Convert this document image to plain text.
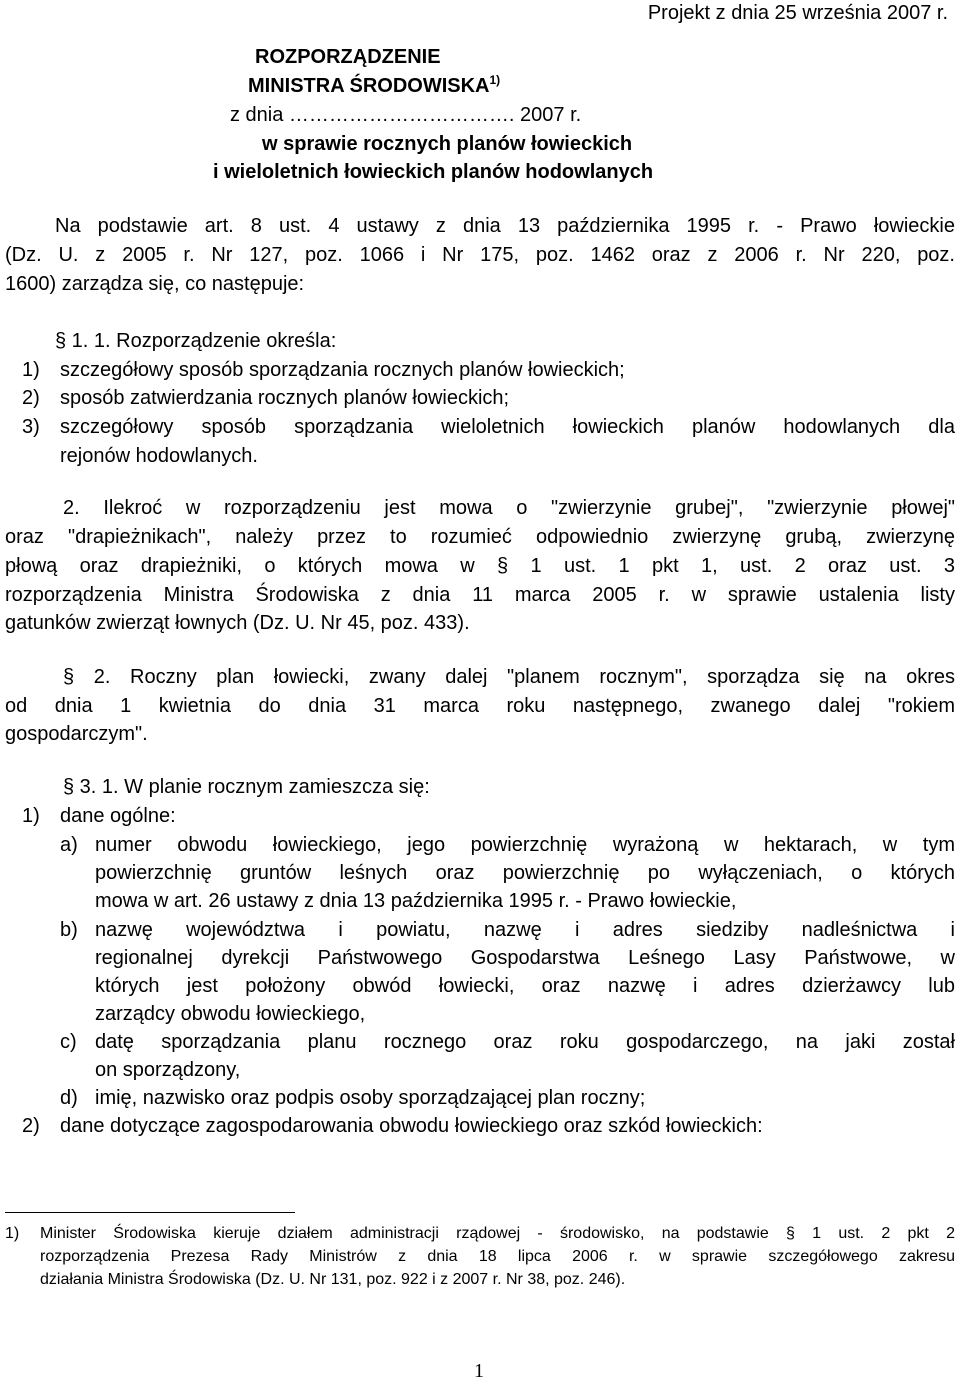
Projekt z dnia 25 września 2007 r.
ROZPORZĄDZENIE
MINISTRA ŚRODOWISKA$^{1)}$
z dnia ……………………………. 2007 r.
w sprawie rocznych planów łowieckich
i wieloletnich łowieckich planów hodowlanych
Na podstawie art. 8 ust. 4 ustawy z dnia 13 października 1995 r. - Prawo łowieckie
(Dz. U. z 2005 r. Nr 127, poz. 1066 i Nr 175, poz. 1462 oraz z 2006 r. Nr 220, poz.
1600) zarządza się, co następuje:
§ 1. 1. Rozporządzenie określa:
1) szczegółowy sposób sporządzania rocznych planów łowieckich;
2) sposób zatwierdzania rocznych planów łowieckich;
3) szczegółowy sposób sporządzania wieloletnich łowieckich planów hodowlanych dla
rejonów hodowlanych.
2. Ilekroć w rozporządzeniu jest mowa o "zwierzynie grubej", "zwierzynie płowej"
oraz "drapieżnikach", należy przez to rozumieć odpowiednio zwierzynę grubą, zwierzynę
płową oraz drapieżniki, o których mowa w § 1 ust. 1 pkt 1, ust. 2 oraz ust. 3
rozporządzenia Ministra Środowiska z dnia 11 marca 2005 r. w sprawie ustalenia listy
gatunków zwierząt łownych (Dz. U. Nr 45, poz. 433).
§ 2. Roczny plan łowiecki, zwany dalej "planem rocznym", sporządza się na okres
od dnia 1 kwietnia do dnia 31 marca roku następnego, zwanego dalej "rokiem
gospodarczym".
§ 3. 1. W planie rocznym zamieszcza się:
1) dane ogólne:
a) numer obwodu łowieckiego, jego powierzchnię wyrażoną w hektarach, w tym
powierzchnię gruntów leśnych oraz powierzchnię po wyłączeniach, o których
mowa w art. 26 ustawy z dnia 13 października 1995 r. - Prawo łowieckie,
b) nazwę województwa i powiatu, nazwę i adres siedziby nadleśnictwa i
regionalnej dyrekcji Państwowego Gospodarstwa Leśnego Lasy Państwowe, w
których jest położony obwód łowiecki, oraz nazwę i adres dzierżawcy lub
zarządcy obwodu łowieckiego,
c) datę sporządzania planu rocznego oraz roku gospodarczego, na jaki został
on sporządzony,
d) imię, nazwisko oraz podpis osoby sporządzającej plan roczny;
2) dane dotyczące zagospodarowania obwodu łowieckiego oraz szkód łowieckich:
1) Minister Środowiska kieruje działem administracji rządowej - środowisko, na podstawie § 1 ust. 2 pkt 2
rozporządzenia Prezesa Rady Ministrów z dnia 18 lipca 2006 r. w sprawie szczegółowego zakresu
działania Ministra Środowiska (Dz. U. Nr 131, poz. 922 i z 2007 r. Nr 38, poz. 246).
1
